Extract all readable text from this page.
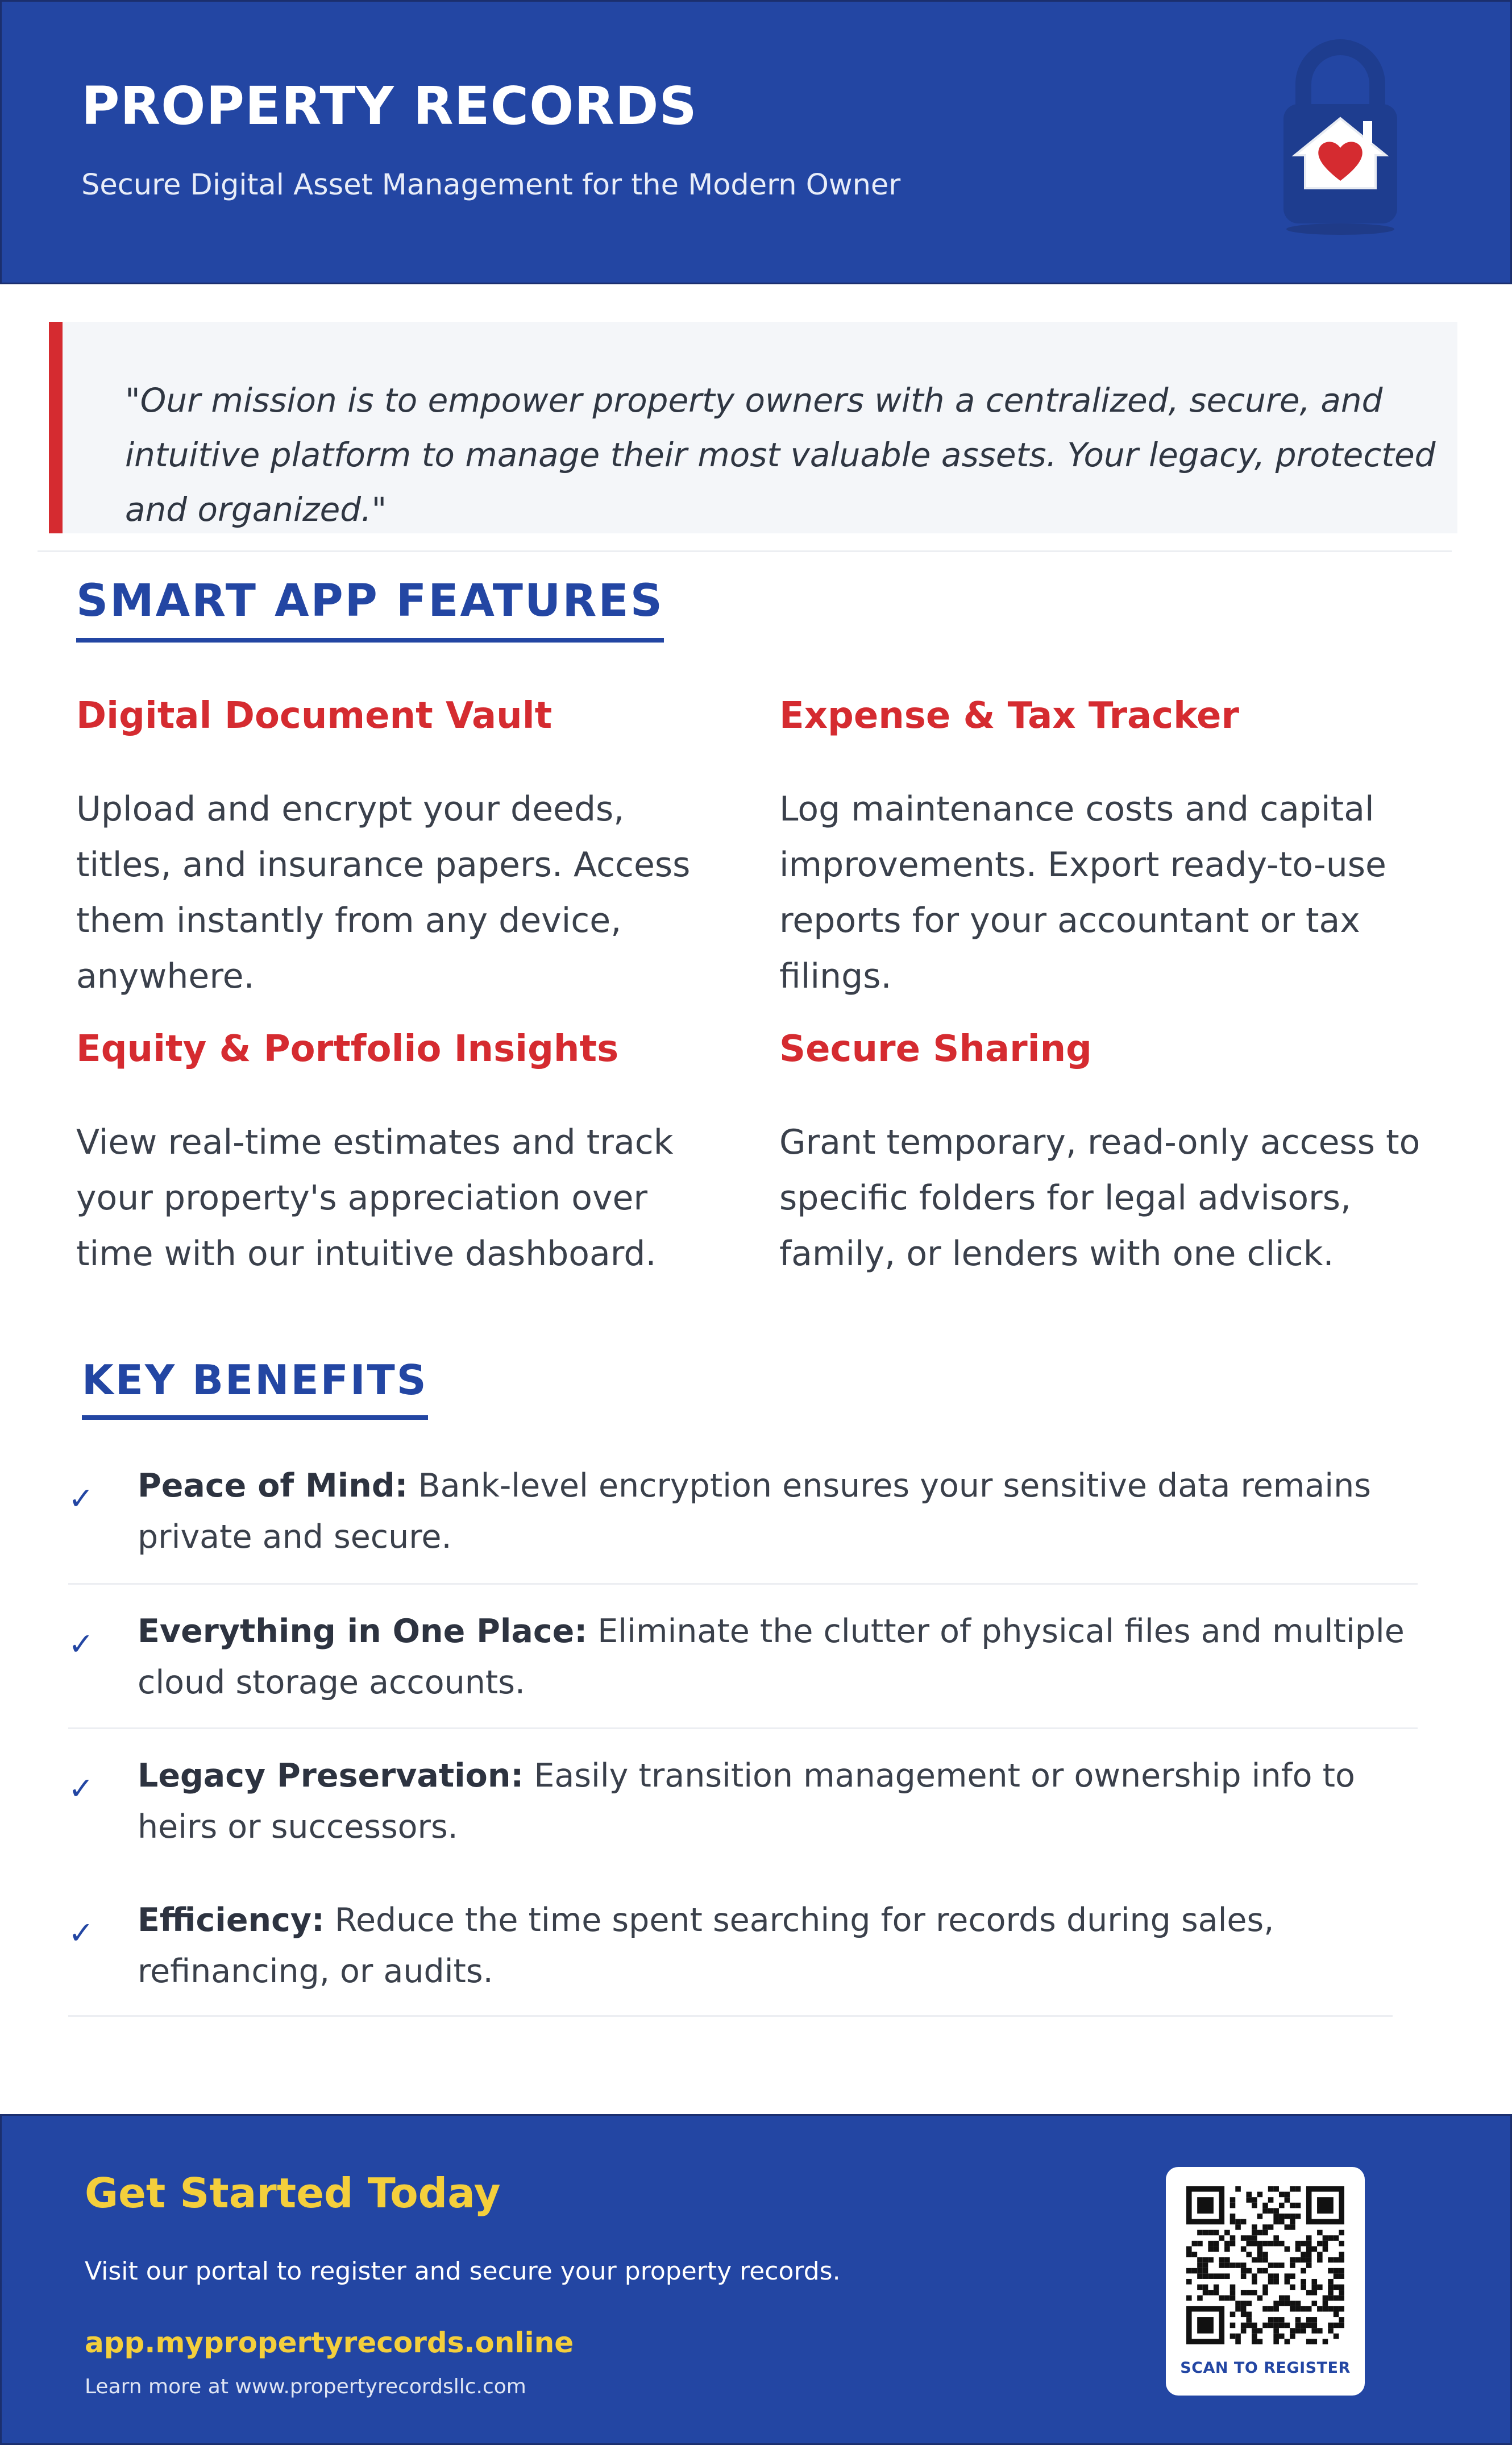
PROPERTY RECORDS
Secure Digital Asset Management for the Modern Owner
"Our mission is to empower property owners with a centralized, secure, and intuitive platform to manage their most valuable assets. Your legacy, protected and organized."
SMART APP FEATURES
Digital Document Vault
Upload and encrypt your deeds, titles, and insurance papers. Access them instantly from any device, anywhere.
Expense & Tax Tracker
Log maintenance costs and capital improvements. Export ready-to-use reports for your accountant or tax filings.
Equity & Portfolio Insights
View real-time estimates and track your property's appreciation over time with our intuitive dashboard.
Secure Sharing
Grant temporary, read-only access to specific folders for legal advisors, family, or lenders with one click.
KEY BENEFITS
✓ Peace of Mind: Bank-level encryption ensures your sensitive data remains private and secure.
✓ Everything in One Place: Eliminate the clutter of physical files and multiple cloud storage accounts.
✓ Legacy Preservation: Easily transition management or ownership info to heirs or successors.
✓ Efficiency: Reduce the time spent searching for records during sales, refinancing, or audits.
Get Started Today
Visit our portal to register and secure your property records.
app.mypropertyrecords.online
Learn more at www.propertyrecordsllc.com
SCAN TO REGISTER
